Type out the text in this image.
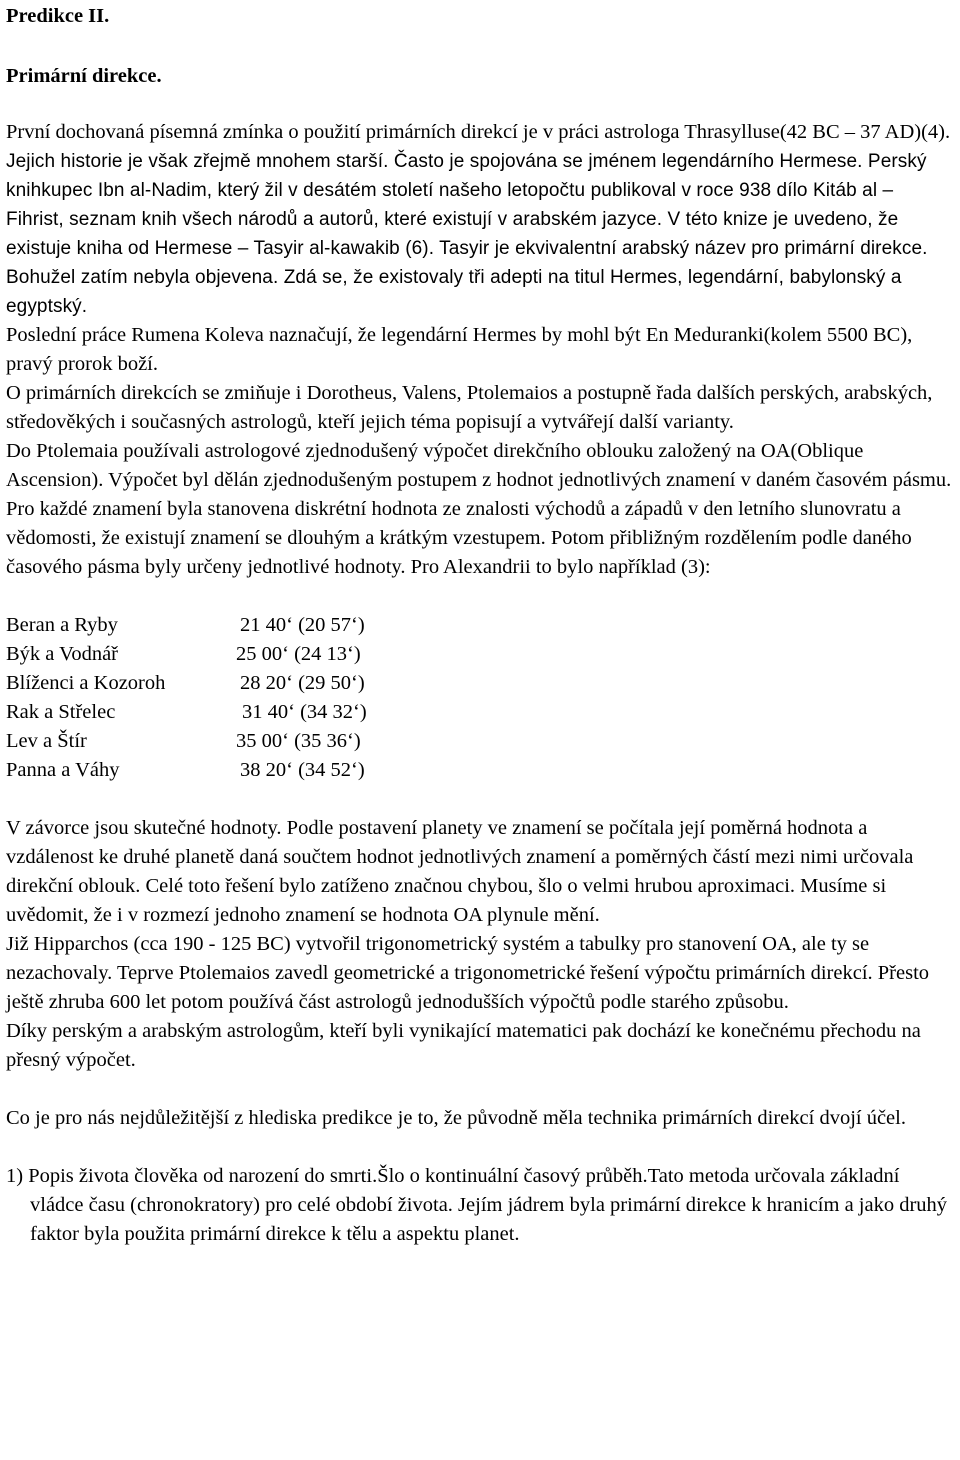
Predikce II.
Primární direkce.

První dochovaná písemná zmínka o použití primárních direkcí je v práci astrologa Thrasylluse(42 BC – 37 AD)(4). Jejich historie je však zřejmě mnohem starší. Často je spojována se jménem legendárního Hermese. Perský knihkupec Ibn al-Nadim, který žil v desátém století našeho letopočtu publikoval v roce 938 dílo Kitáb al – Fihrist, seznam knih všech národů a autorů, které existují v arabském jazyce. V této knize je uvedeno, že existuje kniha od Hermese – Tasyir al-kawakib (6). Tasyir je ekvivalentní arabský název pro primární direkce. Bohužel zatím nebyla objevena. Zdá se, že existovaly tři adepti na titul Hermes, legendární, babylonský a egyptský.

Poslední práce Rumena Koleva naznačují, že legendární Hermes by mohl být En Meduranki(kolem 5500 BC), pravý prorok boží.

O primárních direkcích se zmiňuje i Dorotheus, Valens, Ptolemaios a postupně řada dalších perských, arabských, středověkých i současných astrologů, kteří jejich téma popisují a vytvářejí další varianty.

Do Ptolemaia používali astrologové zjednodušený výpočet direkčního oblouku založený na OA(Oblique Ascension). Výpočet byl dělán zjednodušeným postupem z hodnot jednotlivých znamení v daném časovém pásmu. Pro každé znamení byla stanovena diskrétní hodnota ze znalosti východů a západů v den letního slunovratu a vědomosti, že existují znamení se dlouhým a krátkým vzestupem. Potom přibližným rozdělením podle daného časového pásma byly určeny jednotlivé hodnoty. Pro Alexandrii to bylo například (3):

Beran a Ryby	21 40‘ (20 57‘)
Býk a Vodnář	25 00‘ (24 13‘)
Blíženci a Kozoroh	28 20‘ (29 50‘)
Rak a Střelec	31 40‘ (34 32‘)
Lev a Štír	35 00‘ (35 36‘)
Panna a Váhy	38 20‘ (34 52‘)

V závorce jsou skutečné hodnoty. Podle postavení planety ve znamení se počítala její poměrná hodnota a vzdálenost ke druhé planetě daná součtem hodnot jednotlivých znamení a poměrných částí mezi nimi určovala direkční oblouk. Celé toto řešení bylo zatíženo značnou chybou, šlo o velmi hrubou aproximaci. Musíme si uvědomit, že i v rozmezí jednoho znamení se hodnota OA plynule mění.

Již Hipparchos (cca 190 - 125 BC) vytvořil trigonometrický systém a tabulky pro stanovení OA, ale ty se nezachovaly. Teprve Ptolemaios zavedl geometrické a trigonometrické řešení výpočtu primárních direkcí. Přesto ještě zhruba 600 let potom používá část astrologů jednodušších výpočtů podle starého způsobu.

Díky perským a arabským astrologům, kteří byli vynikající matematici pak dochází ke konečnému přechodu na přesný výpočet.

Co je pro nás nejdůležitější z hlediska predikce je to, že původně měla technika primárních direkcí dvojí účel.

1) Popis života člověka od narození do smrti.Šlo o kontinuální časový průběh.Tato metoda určovala základní vládce času (chronokratory) pro celé období života. Jejím jádrem byla primární direkce k hranicím a jako druhý faktor byla použita primární direkce k tělu a aspektu planet.
